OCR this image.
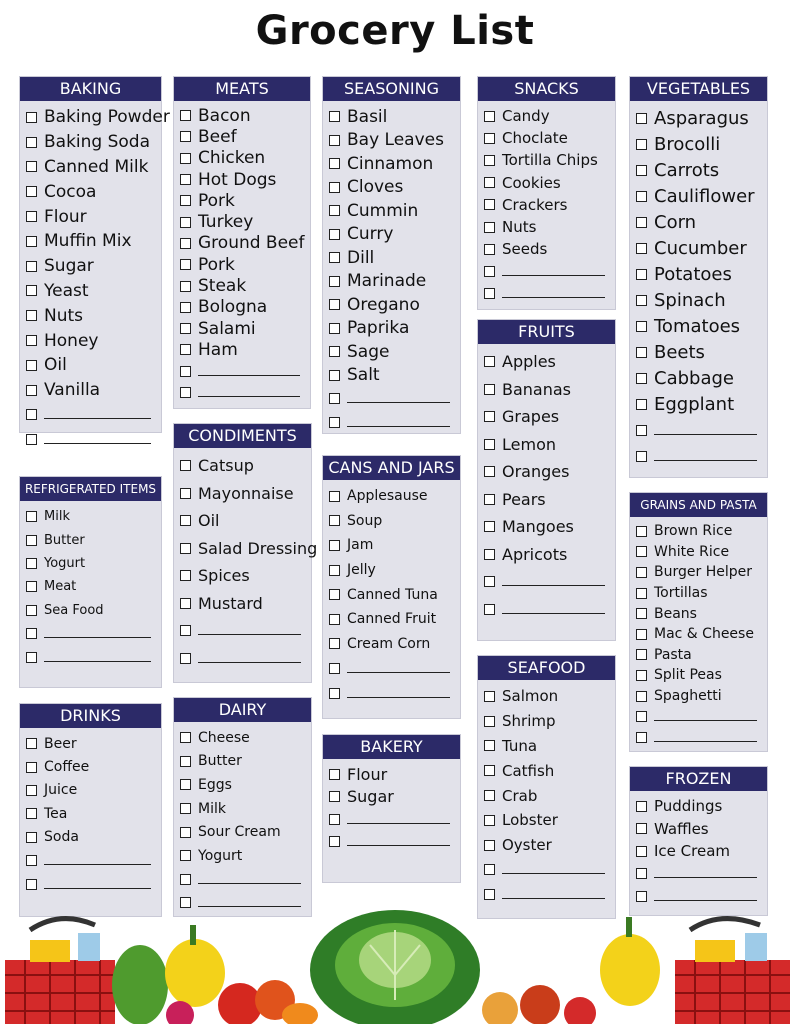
Grocery List
BAKING
Baking Powder
Baking Soda
Canned Milk
Cocoa
Flour
Muffin Mix
Sugar
Yeast
Nuts
Honey
Oil
Vanilla
MEATS
Bacon
Beef
Chicken
Hot Dogs
Pork
Turkey
Ground Beef
Pork
Steak
Bologna
Salami
Ham
SEASONING
Basil
Bay Leaves
Cinnamon
Cloves
Cummin
Curry
Dill
Marinade
Oregano
Paprika
Sage
Salt
SNACKS
Candy
Choclate
Tortilla Chips
Cookies
Crackers
Nuts
Seeds
VEGETABLES
Asparagus
Brocolli
Carrots
Cauliflower
Corn
Cucumber
Potatoes
Spinach
Tomatoes
Beets
Cabbage
Eggplant
FRUITS
Apples
Bananas
Grapes
Lemon
Oranges
Pears
Mangoes
Apricots
CONDIMENTS
Catsup
Mayonnaise
Oil
Salad Dressing
Spices
Mustard
CANS AND JARS
Applesause
Soup
Jam
Jelly
Canned Tuna
Canned Fruit
Cream Corn
REFRIGERATED ITEMS
Milk
Butter
Yogurt
Meat
Sea Food
GRAINS AND PASTA
Brown Rice
White Rice
Burger Helper
Tortillas
Beans
Mac & Cheese
Pasta
Split Peas
Spaghetti
SEAFOOD
Salmon
Shrimp
Tuna
Catfish
Crab
Lobster
Oyster
DRINKS
Beer
Coffee
Juice
Tea
Soda
DAIRY
Cheese
Butter
Eggs
Milk
Sour Cream
Yogurt
BAKERY
Flour
Sugar
FROZEN
Puddings
Waffles
Ice Cream
